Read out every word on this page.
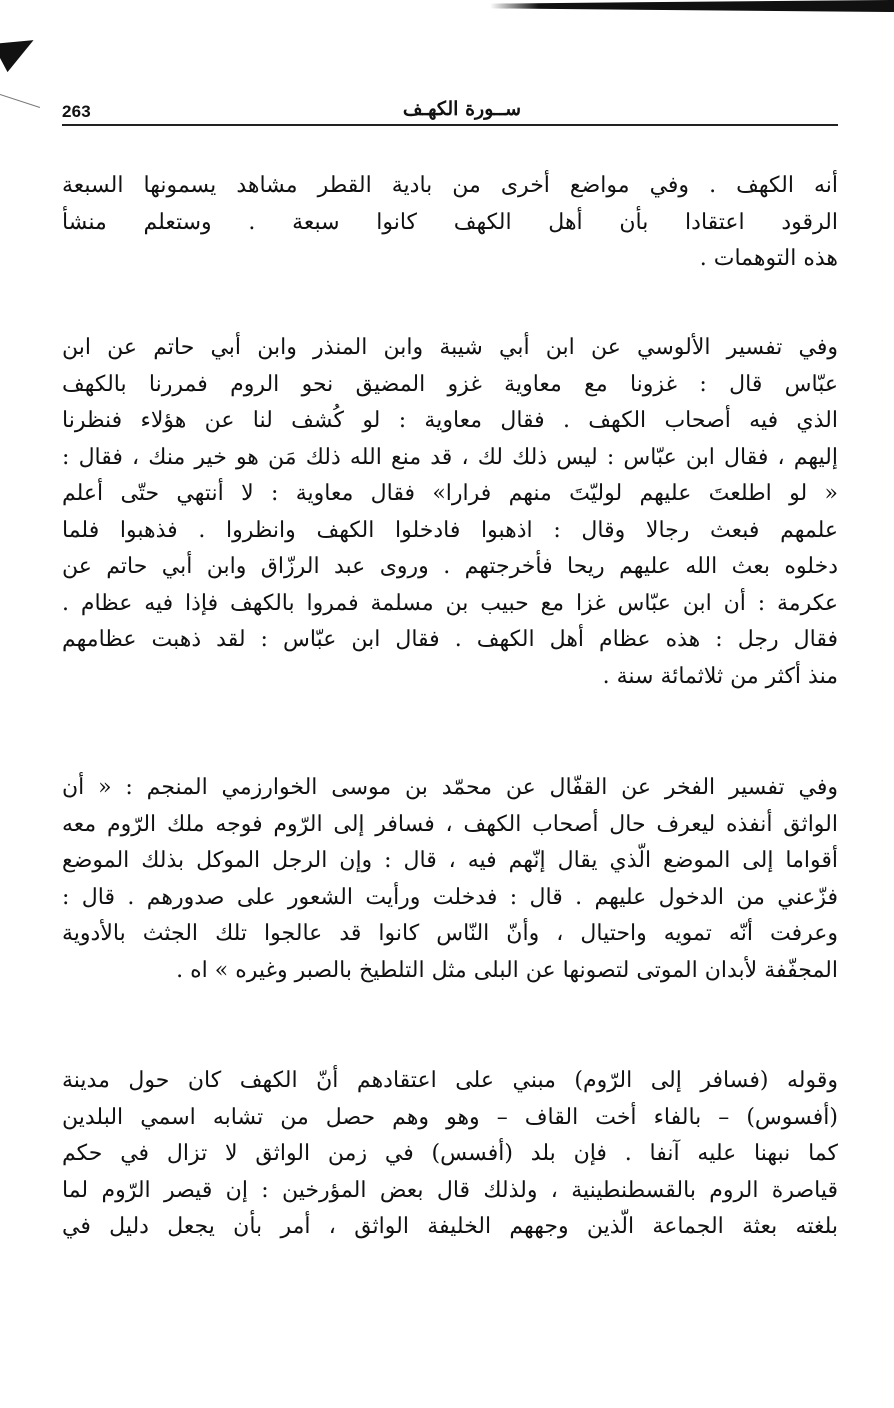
263	ســورة الكهـف
أنه الكهف . وفي مواضع أخرى من بادية القطر مشاهد يسمونها السبعة
الرقود اعتقادا بأن أهل الكهف كانوا سبعة . وستعلم منشأ
هذه التوهمات .
وفي تفسير الألوسي عن ابن أبي شيبة وابن المنذر وابن أبي حاتم عن ابن
عبّاس قال : غزونا مع معاوية غزو المضيق نحو الروم فمررنا بالكهف
الذي فيه أصحاب الكهف . فقال معاوية : لو كُشف لنا عن هؤلاء فنظرنا
إليهم ، فقال ابن عبّاس : ليس ذلك لك ، قد منع الله ذلك مَن هو خير منك ، فقال :
« لو اطلعتَ عليهم لوليّتَ منهم فرارا» فقال معاوية : لا أنتهي حتّى أعلم
علمهم فبعث رجالا وقال : اذهبوا فادخلوا الكهف وانظروا . فذهبوا فلما
دخلوه بعث الله عليهم ريحا فأخرجتهم . وروى عبد الرزّاق وابن أبي حاتم عن
عكرمة : أن ابن عبّاس غزا مع حبيب بن مسلمة فمروا بالكهف فإذا فيه عظام .
فقال رجل : هذه عظام أهل الكهف . فقال ابن عبّاس : لقد ذهبت عظامهم
منذ أكثر من ثلاثمائة سنة .
وفي تفسير الفخر عن القفّال عن محمّد بن موسى الخوارزمي المنجم : « أن
الواثق أنفذه ليعرف حال أصحاب الكهف ، فسافر إلى الرّوم فوجه ملك الرّوم معه
أقواما إلى الموضع الّذي يقال إنّهم فيه ، قال : وإن الرجل الموكل بذلك الموضع
فزّعني من الدخول عليهم . قال : فدخلت ورأيت الشعور على صدورهم . قال :
وعرفت أنّه تمويه واحتيال ، وأنّ النّاس كانوا قد عالجوا تلك الجثث بالأدوية
المجفّفة لأبدان الموتى لتصونها عن البلى مثل التلطيخ بالصبر وغيره » اه .
وقوله (فسافر إلى الرّوم) مبني على اعتقادهم أنّ الكهف كان حول مدينة
(أفسوس) – بالفاء أخت القاف – وهو وهم حصل من تشابه اسمي البلدين
كما نبهنا عليه آنفا . فإن بلد (أفسس) في زمن الواثق لا تزال في حكم
قياصرة الروم بالقسطنطينية ، ولذلك قال بعض المؤرخين : إن قيصر الرّوم لما
بلغته بعثة الجماعة الّذين وجههم الخليفة الواثق ، أمر بأن يجعل دليل في
